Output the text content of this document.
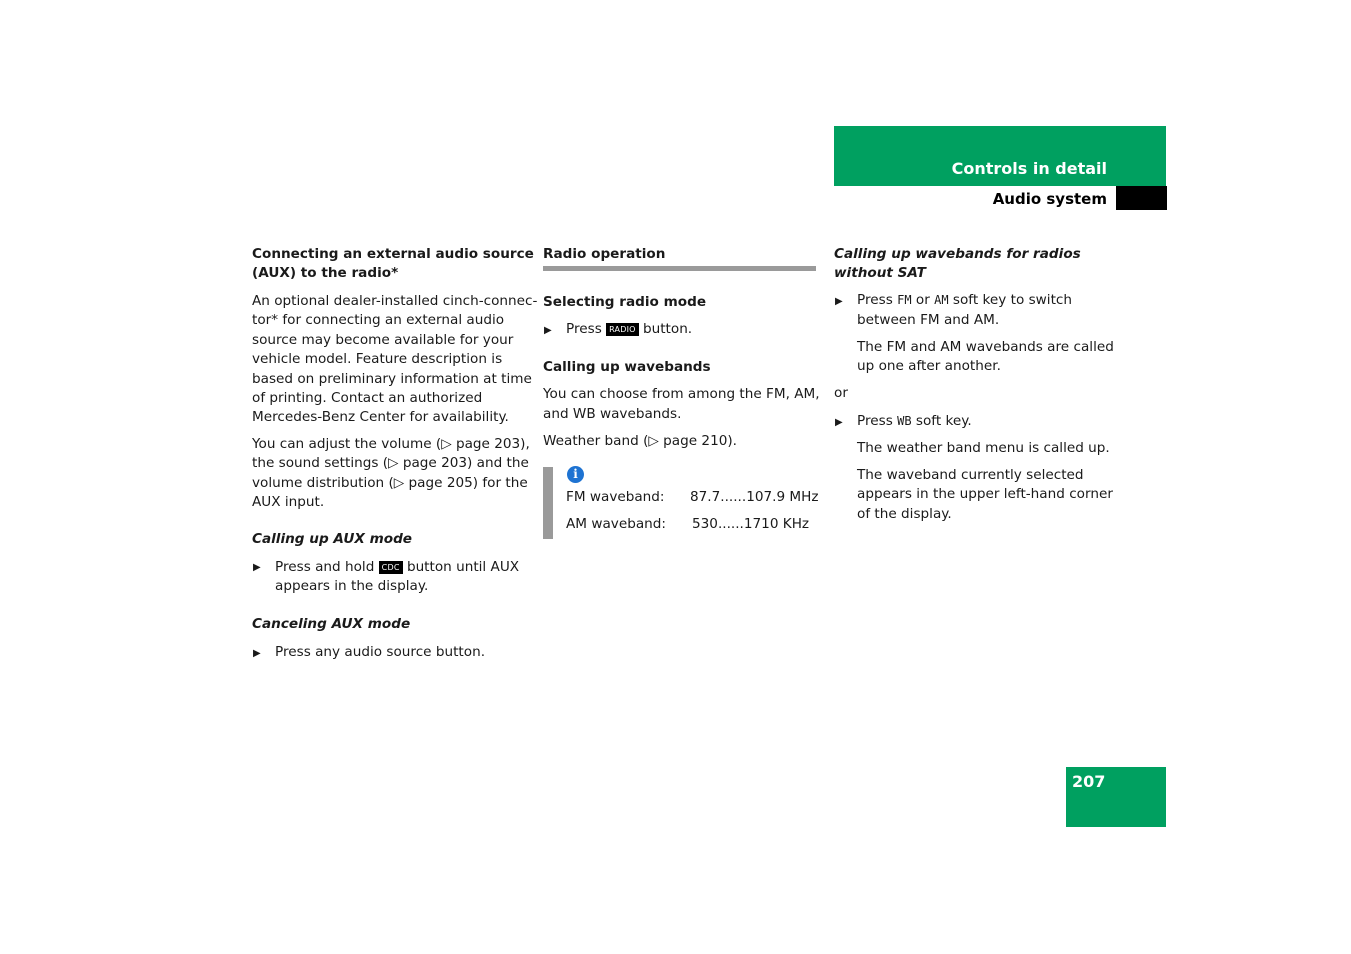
Controls in detail
Audio system
Connecting an external audio source
(AUX) to the radio*
An optional dealer-installed cinch-connec-
tor* for connecting an external audio
source may become available for your
vehicle model. Feature description is
based on preliminary information at time
of printing. Contact an authorized
Mercedes-Benz Center for availability.
You can adjust the volume (▷ page 203),
the sound settings (▷ page 203) and the
volume distribution (▷ page 205) for the
AUX input.
Calling up AUX mode
▶ Press and hold CDC button until AUX
appears in the display.
Canceling AUX mode
▶ Press any audio source button.
Radio operation
Selecting radio mode
▶ Press RADIO button.
Calling up wavebands
You can choose from among the FM, AM,
and WB wavebands.
Weather band (▷ page 210).
i
FM waveband: 87.7......107.9 MHz
AM waveband: 530......1710 KHz
Calling up wavebands for radios
without SAT
▶ Press FM or AM soft key to switch
between FM and AM.
The FM and AM wavebands are called
up one after another.
or
▶ Press WB soft key.
The weather band menu is called up.
The waveband currently selected
appears in the upper left-hand corner
of the display.
207
